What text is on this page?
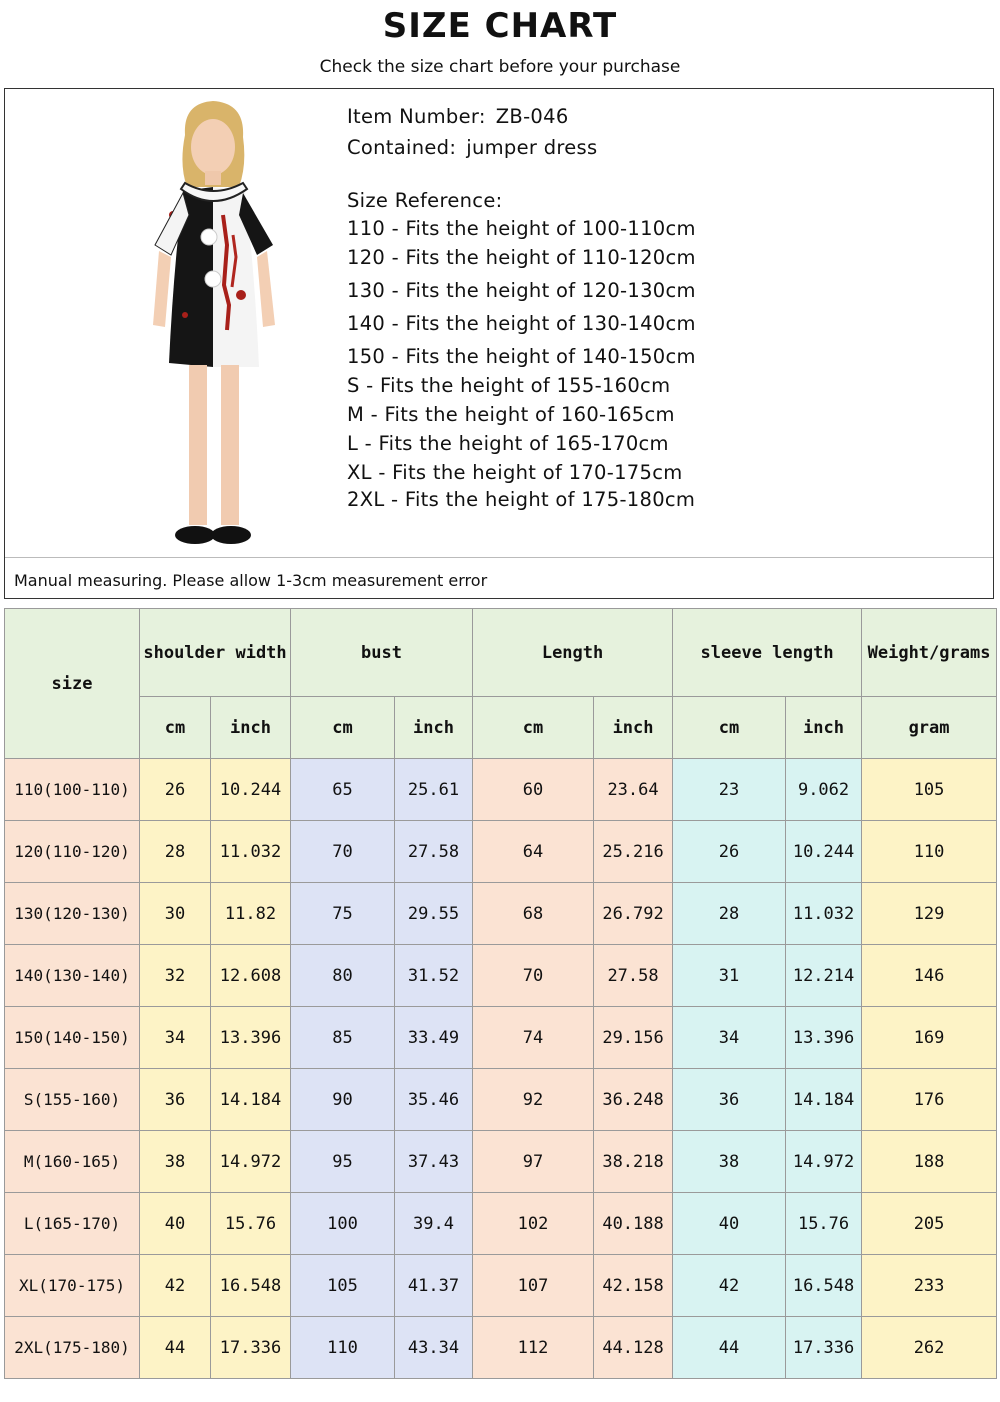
SIZE CHART
Check the size chart before your purchase
Item Number: ZB-046
Contained: jumper dress
Size Reference:
110 - Fits the height of 100-110cm
120 - Fits the height of 110-120cm
130 - Fits the height of 120-130cm
140 - Fits the height of 130-140cm
150 - Fits the height of 140-150cm
S - Fits the height of 155-160cm
M - Fits the height of 160-165cm
L - Fits the height of 165-170cm
XL - Fits the height of 170-175cm
2XL - Fits the height of 175-180cm
Manual measuring. Please allow 1-3cm measurement error
size	shoulder width		bust		Length		sleeve length		Weight/grams
	cm	inch	cm	inch	cm	inch	cm	inch	gram
110(100-110)	26	10.244	65	25.61	60	23.64	23	9.062	105
120(110-120)	28	11.032	70	27.58	64	25.216	26	10.244	110
130(120-130)	30	11.82	75	29.55	68	26.792	28	11.032	129
140(130-140)	32	12.608	80	31.52	70	27.58	31	12.214	146
150(140-150)	34	13.396	85	33.49	74	29.156	34	13.396	169
S(155-160)	36	14.184	90	35.46	92	36.248	36	14.184	176
M(160-165)	38	14.972	95	37.43	97	38.218	38	14.972	188
L(165-170)	40	15.76	100	39.4	102	40.188	40	15.76	205
XL(170-175)	42	16.548	105	41.37	107	42.158	42	16.548	233
2XL(175-180)	44	17.336	110	43.34	112	44.128	44	17.336	262
